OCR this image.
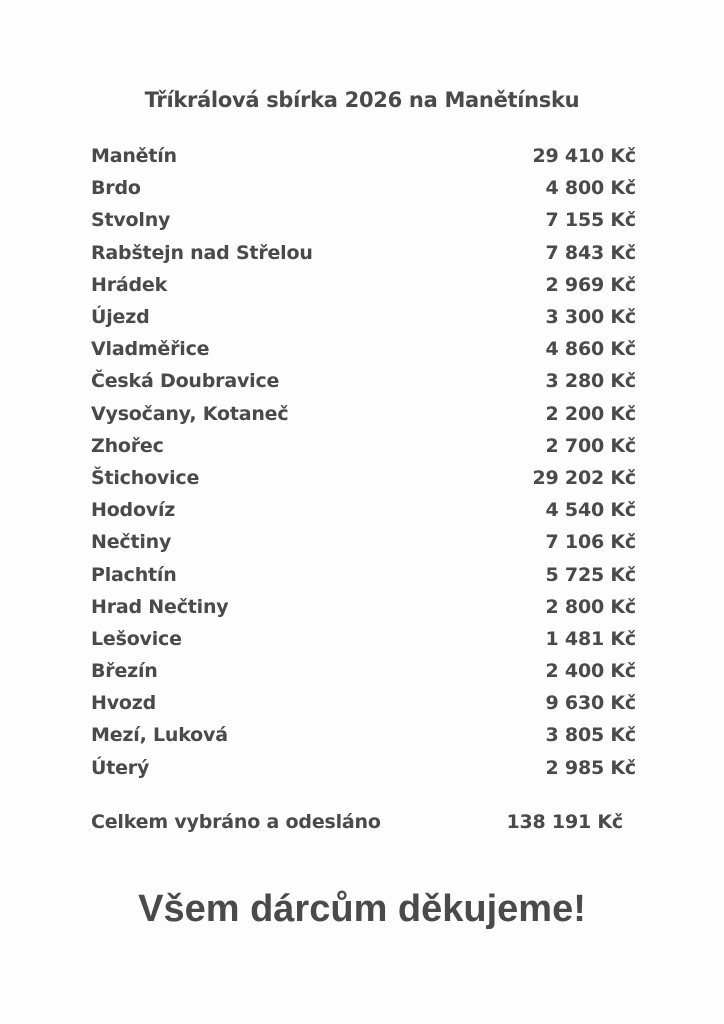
Tříkrálová sbírka 2026 na Manětínsku
Manětín	29 410 Kč
Brdo	4 800 Kč
Stvolny	7 155 Kč
Rabštejn nad Střelou	7 843 Kč
Hrádek	2 969 Kč
Újezd	3 300 Kč
Vladměřice	4 860 Kč
Česká Doubravice	3 280 Kč
Vysočany, Kotaneč	2 200 Kč
Zhořec	2 700 Kč
Štichovice	29 202 Kč
Hodovíz	4 540 Kč
Nečtiny	7 106 Kč
Plachtín	5 725 Kč
Hrad Nečtiny	2 800 Kč
Lešovice	1 481 Kč
Březín	2 400 Kč
Hvozd	9 630 Kč
Mezí, Luková	3 805 Kč
Úterý	2 985 Kč
Celkem vybráno a odesláno	138 191 Kč
Všem dárcům děkujeme!
